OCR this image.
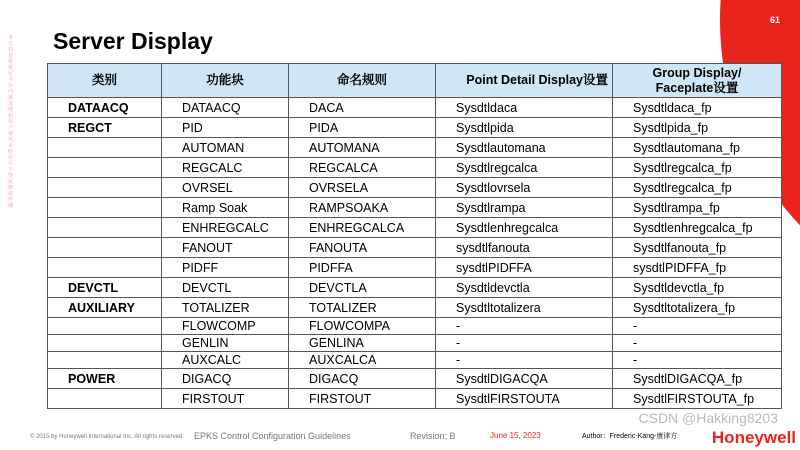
61
本文档仅供霍尼韦尔内部及授权用户使用，未经许可不得复制或传播
Server Display
类别	功能块	命名规则	Point Detail Display设置	Group Display/
Faceplate设置
DATAACQ	DATAACQ	DACA	Sysdtldaca	Sysdtldaca_fp
REGCT	PID	PIDA	Sysdtlpida	Sysdtlpida_fp
	AUTOMAN	AUTOMANA	Sysdtlautomana	Sysdtlautomana_fp
	REGCALC	REGCALCA	Sysdtlregcalca	Sysdtlregcalca_fp
	OVRSEL	OVRSELA	Sysdtlovrsela	Sysdtlregcalca_fp
	Ramp Soak	RAMPSOAKA	Sysdtlrampa	Sysdtlrampa_fp
	ENHREGCALC	ENHREGCALCA	Sysdtlenhregcalca	Sysdtlenhregcalca_fp
	FANOUT	FANOUTA	sysdtlfanouta	Sysdtlfanouta_fp
	PIDFF	PIDFFA	sysdtlPIDFFA	sysdtlPIDFFA_fp
DEVCTL	DEVCTL	DEVCTLA	Sysdtldevctla	Sysdtldevctla_fp
AUXILIARY	TOTALIZER	TOTALIZER	Sysdtltotalizera	Sysdtltotalizera_fp
	FLOWCOMP	FLOWCOMPA	-	-
	GENLIN	GENLINA	-	-
	AUXCALC	AUXCALCA	-	-
POWER	DIGACQ	DIGACQ	SysdtlDIGACQA	SysdtlDIGACQA_fp
	FIRSTOUT	FIRSTOUT	SysdtlFIRSTOUTA	SysdtlFIRSTOUTA_fp
© 2015 by Honeywell International Inc. All rights reserved. EPKS Control Configuration Guidelines	Revision: B	June 15, 2023	Author：Frederic-Kang-康律方 Honeywell
CSDN @Hakking8203
